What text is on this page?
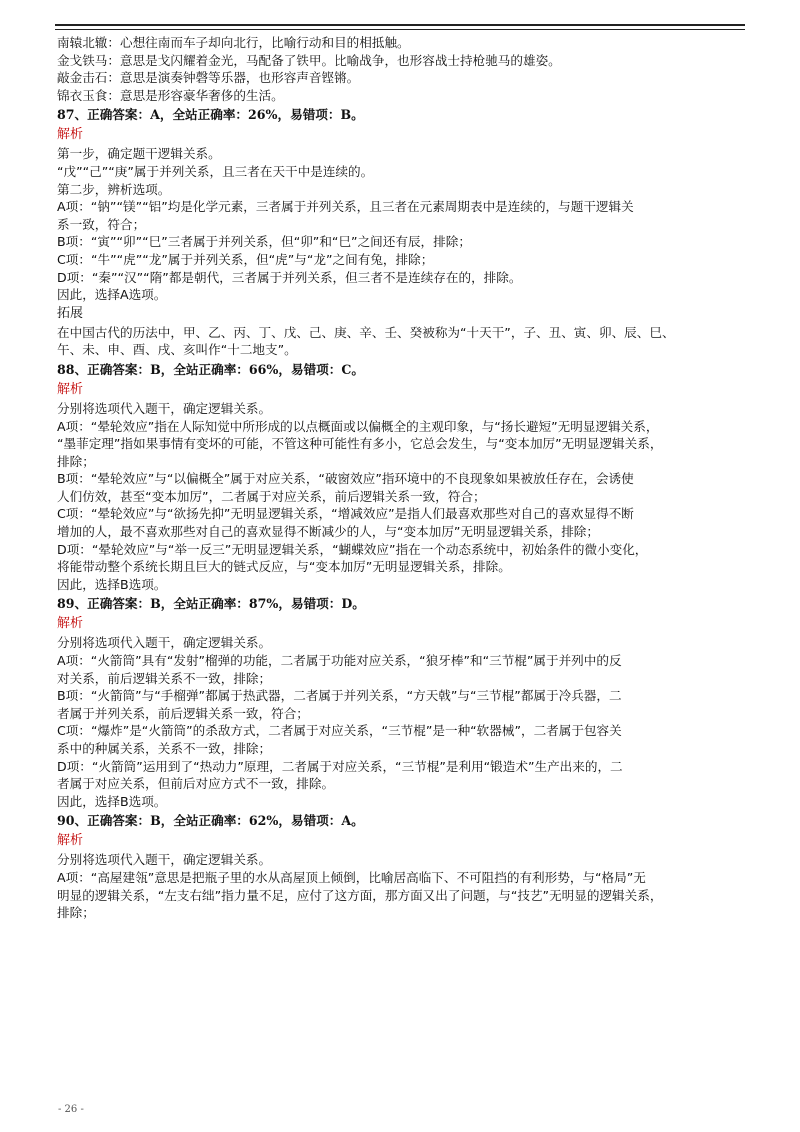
南辕北辙：心想往南而车子却向北行，比喻行动和目的相抵触。
金戈铁马：意思是戈闪耀着金光，马配备了铁甲。比喻战争，也形容战士持枪驰马的雄姿。
敲金击石：意思是演奏钟磬等乐器，也形容声音铿锵。
锦衣玉食：意思是形容豪华奢侈的生活。
87、正确答案：A，全站正确率：26%，易错项：B。
解析
第一步，确定题干逻辑关系。
“戊”“己”“庚”属于并列关系，且三者在天干中是连续的。
第二步，辨析选项。
A项：“钠”“镁”“铝”均是化学元素，三者属于并列关系，且三者在元素周期表中是连续的，与题干逻辑关
系一致，符合；
B项：“寅”“卯”“巳”三者属于并列关系，但“卯”和“巳”之间还有辰，排除；
C项：“牛”“虎”“龙”属于并列关系，但“虎”与“龙”之间有兔，排除；
D项：“秦”“汉”“隋”都是朝代，三者属于并列关系，但三者不是连续存在的，排除。
因此，选择A选项。
拓展
在中国古代的历法中，甲、乙、丙、丁、戊、己、庚、辛、壬、癸被称为“十天干”，子、丑、寅、卯、辰、巳、
午、未、申、酉、戌、亥叫作“十二地支”。
88、正确答案：B，全站正确率：66%，易错项：C。
解析
分别将选项代入题干，确定逻辑关系。
A项：“晕轮效应”指在人际知觉中所形成的以点概面或以偏概全的主观印象，与“扬长避短”无明显逻辑关系，
“墨菲定理”指如果事情有变坏的可能，不管这种可能性有多小，它总会发生，与“变本加厉”无明显逻辑关系，
排除；
B项：“晕轮效应”与“以偏概全”属于对应关系，“破窗效应”指环境中的不良现象如果被放任存在，会诱使
人们仿效，甚至“变本加厉”，二者属于对应关系，前后逻辑关系一致，符合；
C项：“晕轮效应”与“欲扬先抑”无明显逻辑关系，“增减效应”是指人们最喜欢那些对自己的喜欢显得不断
增加的人，最不喜欢那些对自己的喜欢显得不断减少的人，与“变本加厉”无明显逻辑关系，排除；
D项：“晕轮效应”与“举一反三”无明显逻辑关系，“蝴蝶效应”指在一个动态系统中，初始条件的微小变化，
将能带动整个系统长期且巨大的链式反应，与“变本加厉”无明显逻辑关系，排除。
因此，选择B选项。
89、正确答案：B，全站正确率：87%，易错项：D。
解析
分别将选项代入题干，确定逻辑关系。
A项：“火箭筒”具有“发射”榴弹的功能，二者属于功能对应关系，“狼牙棒”和“三节棍”属于并列中的反
对关系，前后逻辑关系不一致，排除；
B项：“火箭筒”与“手榴弹”都属于热武器，二者属于并列关系，“方天戟”与“三节棍”都属于冷兵器，二
者属于并列关系，前后逻辑关系一致，符合；
C项：“爆炸”是“火箭筒”的杀敌方式，二者属于对应关系，“三节棍”是一种“软器械”，二者属于包容关
系中的种属关系，关系不一致，排除；
D项：“火箭筒”运用到了“热动力”原理，二者属于对应关系，“三节棍”是利用“锻造术”生产出来的，二
者属于对应关系，但前后对应方式不一致，排除。
因此，选择B选项。
90、正确答案：B，全站正确率：62%，易错项：A。
解析
分别将选项代入题干，确定逻辑关系。
A项：“高屋建瓴”意思是把瓶子里的水从高屋顶上倾倒，比喻居高临下、不可阻挡的有利形势，与“格局”无
明显的逻辑关系，“左支右绌”指力量不足，应付了这方面，那方面又出了问题，与“技艺”无明显的逻辑关系，
排除；
- 26 -
